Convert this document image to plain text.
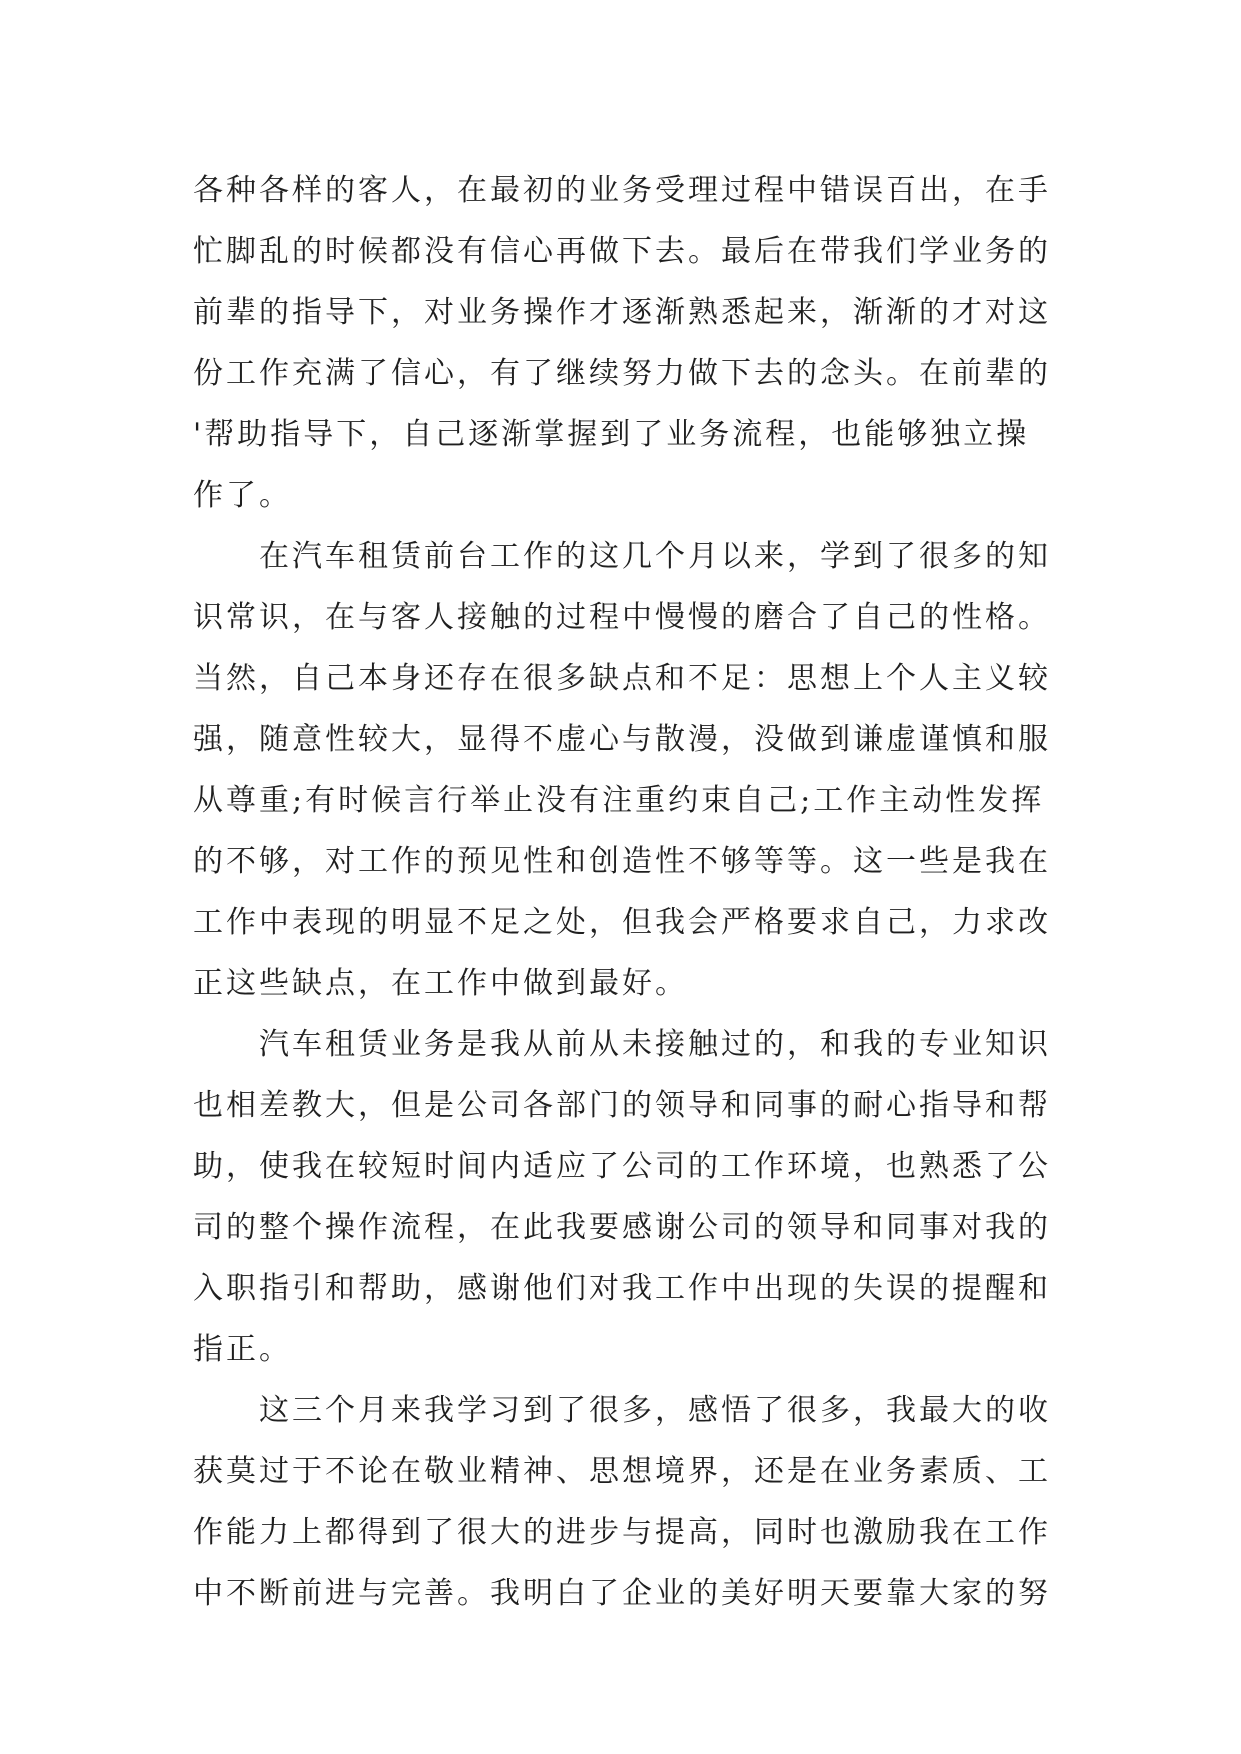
各种各样的客人，在最初的业务受理过程中错误百出，在手
忙脚乱的时候都没有信心再做下去。最后在带我们学业务的
前辈的指导下，对业务操作才逐渐熟悉起来，渐渐的才对这
份工作充满了信心，有了继续努力做下去的念头。在前辈的
'帮助指导下，自己逐渐掌握到了业务流程，也能够独立操
作了。
在汽车租赁前台工作的这几个月以来，学到了很多的知
识常识，在与客人接触的过程中慢慢的磨合了自己的性格。
当然，自己本身还存在很多缺点和不足：思想上个人主义较
强，随意性较大，显得不虚心与散漫，没做到谦虚谨慎和服
从尊重;有时候言行举止没有注重约束自己;工作主动性发挥
的不够，对工作的预见性和创造性不够等等。这一些是我在
工作中表现的明显不足之处，但我会严格要求自己，力求改
正这些缺点，在工作中做到最好。
汽车租赁业务是我从前从未接触过的，和我的专业知识
也相差教大，但是公司各部门的领导和同事的耐心指导和帮
助，使我在较短时间内适应了公司的工作环境，也熟悉了公
司的整个操作流程，在此我要感谢公司的领导和同事对我的
入职指引和帮助，感谢他们对我工作中出现的失误的提醒和
指正。
这三个月来我学习到了很多，感悟了很多，我最大的收
获莫过于不论在敬业精神、思想境界，还是在业务素质、工
作能力上都得到了很大的进步与提高，同时也激励我在工作
中不断前进与完善。我明白了企业的美好明天要靠大家的努
